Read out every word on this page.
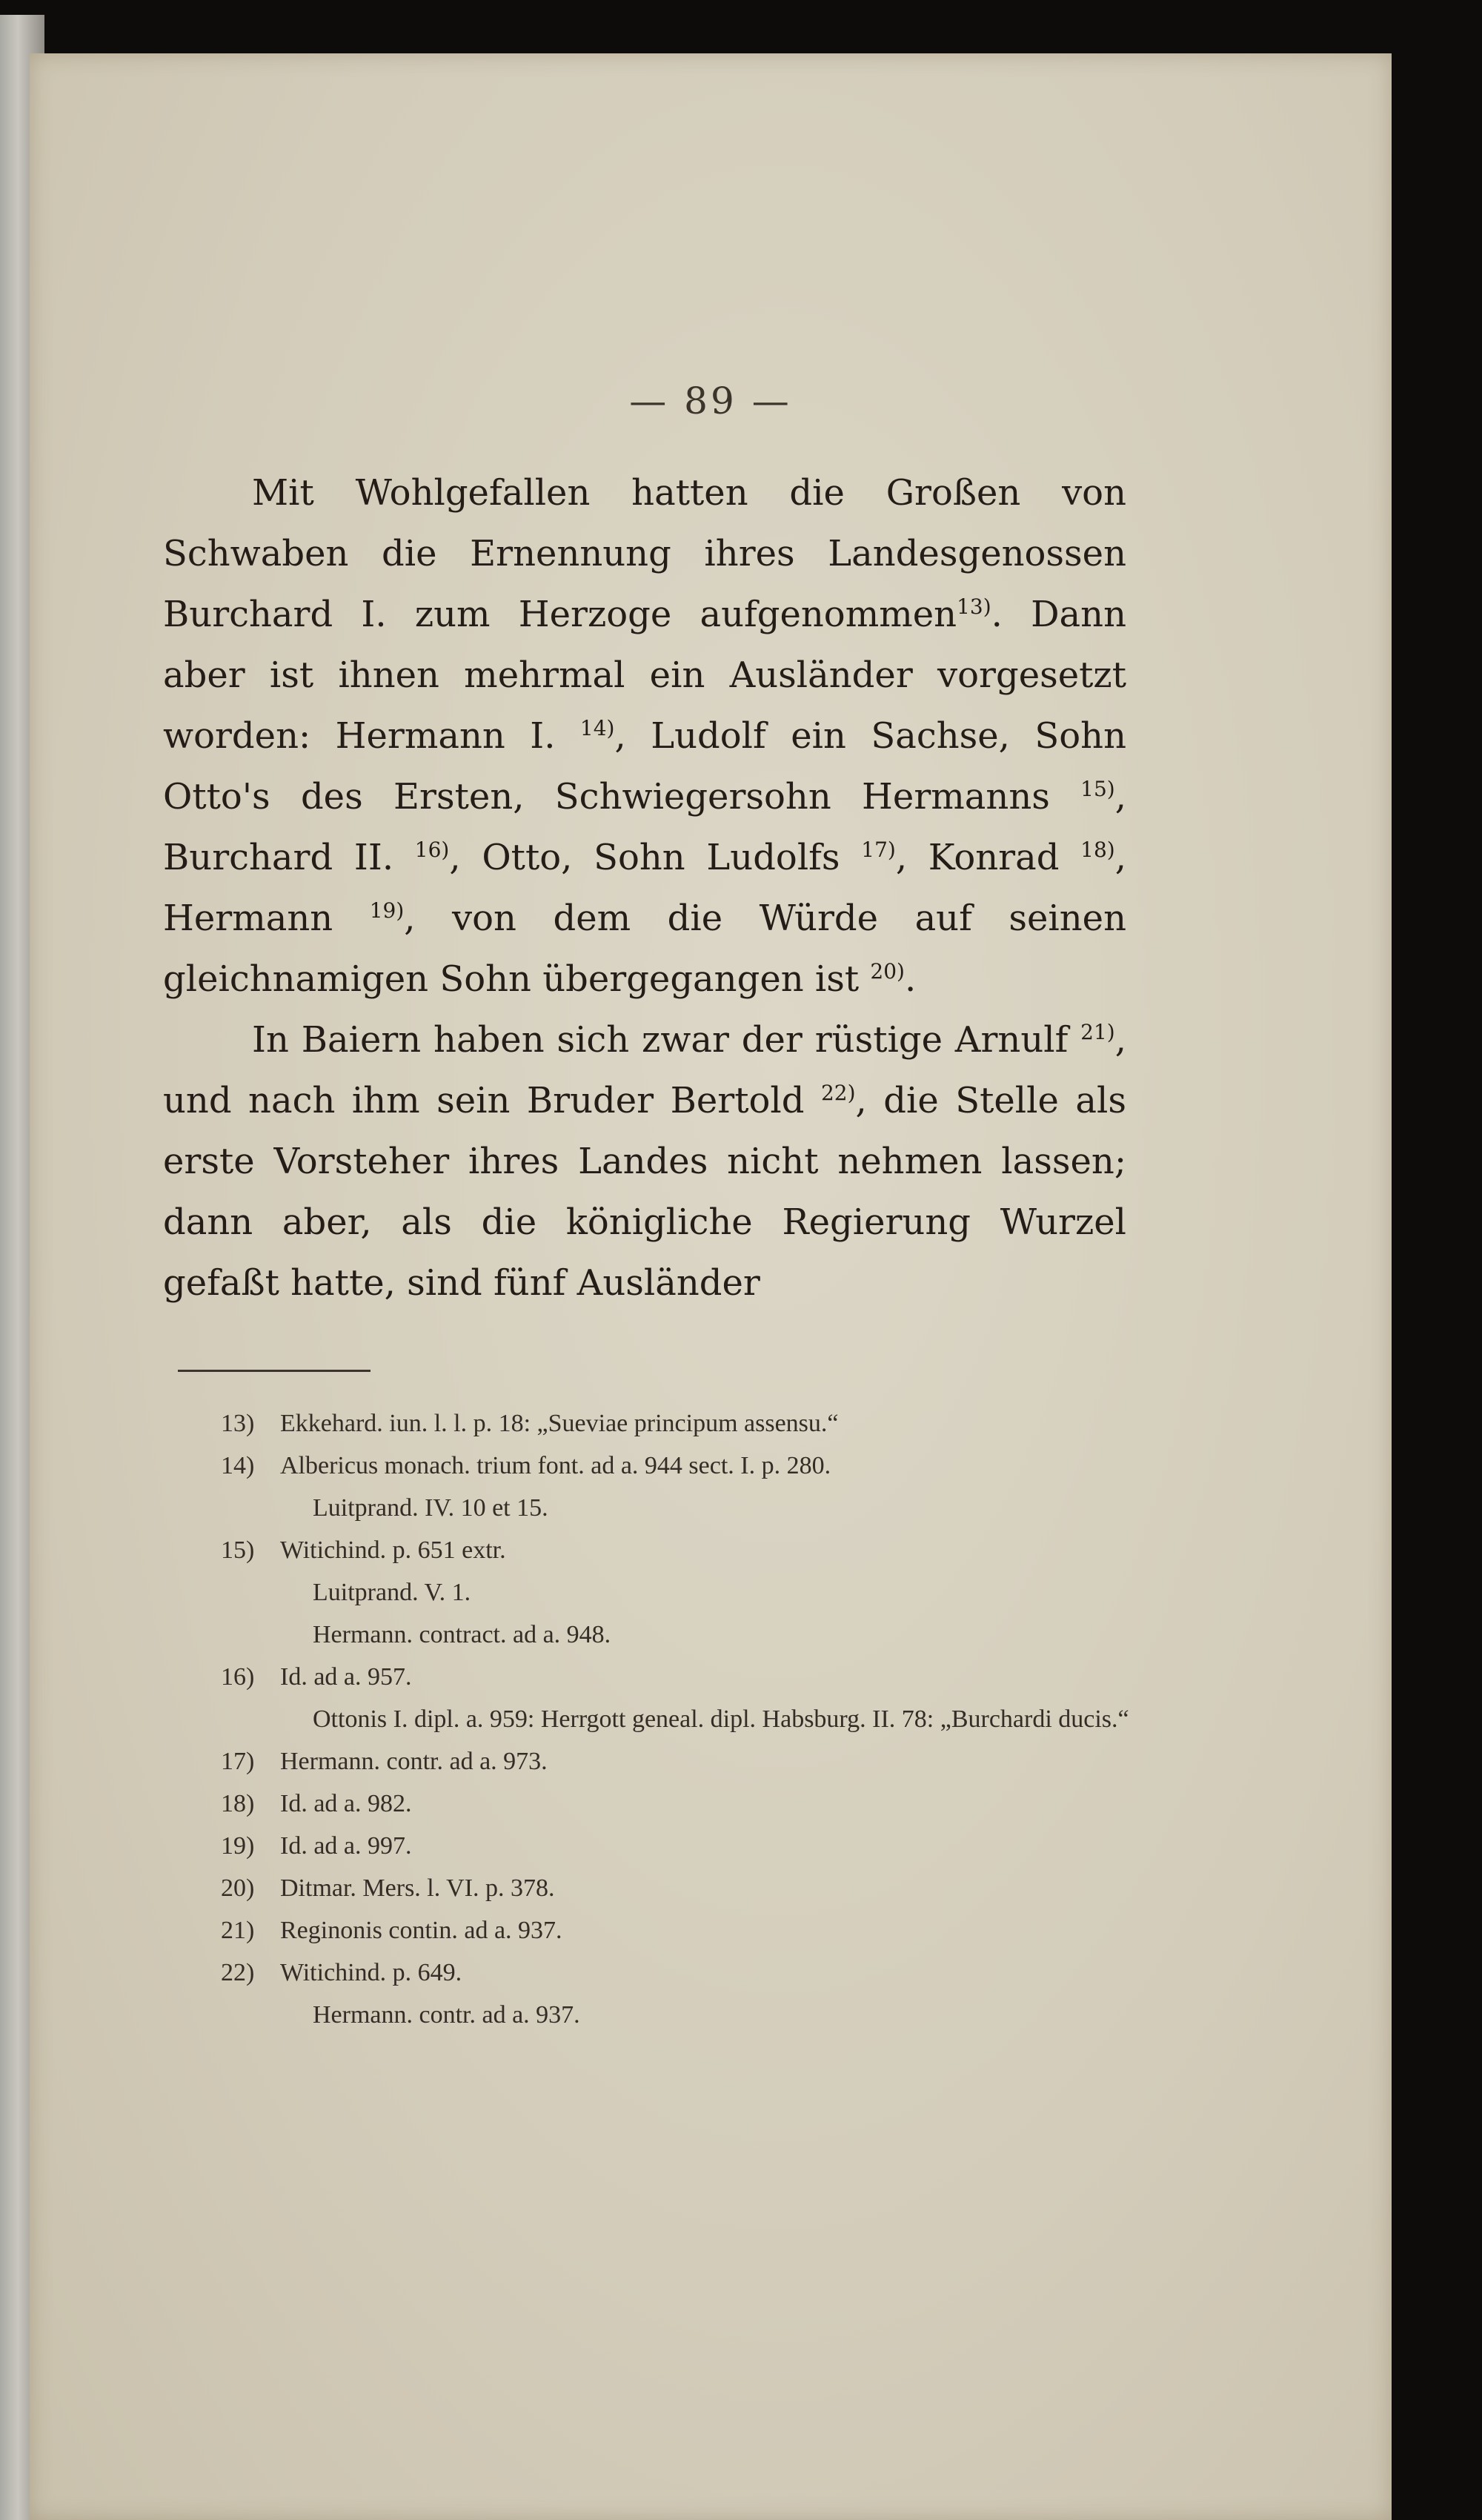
— 89 —

Mit Wohlgefallen hatten die Großen von Schwaben die Ernennung ihres Landesgenossen Burchard I. zum Herzoge aufgenommen$^{13)}$. Dann aber ist ihnen mehrmal ein Ausländer vorgesetzt worden: Hermann I. $^{14)}$, Ludolf ein Sachse, Sohn Otto's des Ersten, Schwiegersohn Hermanns $^{15)}$, Burchard II. $^{16)}$, Otto, Sohn Ludolfs $^{17)}$, Konrad $^{18)}$, Hermann $^{19)}$, von dem die Würde auf seinen gleichnamigen Sohn übergegangen ist $^{20)}$.

In Baiern haben sich zwar der rüstige Arnulf $^{21)}$, und nach ihm sein Bruder Bertold $^{22)}$, die Stelle als erste Vorsteher ihres Landes nicht nehmen lassen; dann aber, als die königliche Regierung Wurzel gefaßt hatte, sind fünf Ausländer

13)	Ekkehard. iun. l. l. p. 18: „Sueviae principum assensu.“
14)	Albericus monach. trium font. ad a. 944 sect. I. p. 280.
Luitprand. IV. 10 et 15.
15)	Witichind. p. 651 extr.
Luitprand. V. 1.
Hermann. contract. ad a. 948.
16)	Id. ad a. 957.
Ottonis I. dipl. a. 959: Herrgott geneal. dipl. Habsburg. II. 78: „Burchardi ducis.“
17)	Hermann. contr. ad a. 973.
18)	Id. ad a. 982.
19)	Id. ad a. 997.
20)	Ditmar. Mers. l. VI. p. 378.
21)	Reginonis contin. ad a. 937.
22)	Witichind. p. 649.
Hermann. contr. ad a. 937.
